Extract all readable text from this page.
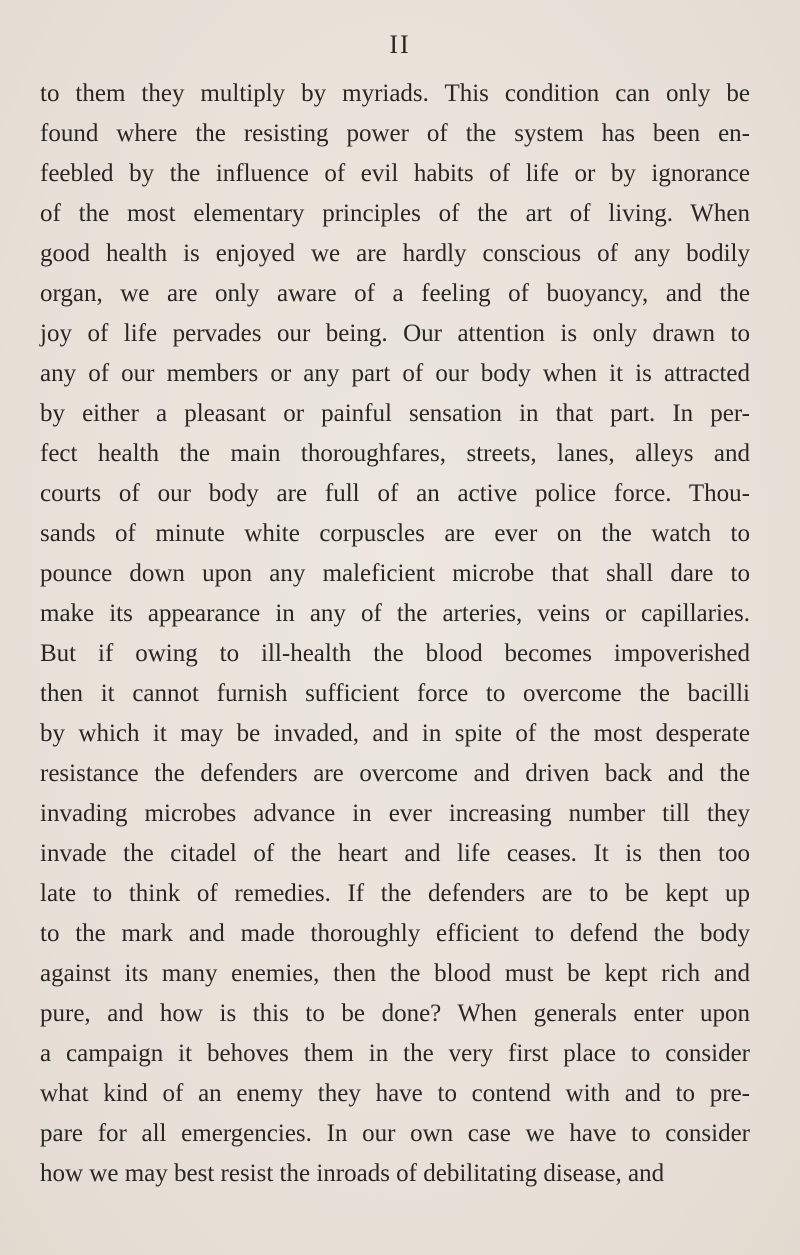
II
to them they multiply by myriads. This condition can only be
found where the resisting power of the system has been en-
feebled by the influence of evil habits of life or by ignorance
of the most elementary principles of the art of living. When
good health is enjoyed we are hardly conscious of any bodily
organ, we are only aware of a feeling of buoyancy, and the
joy of life pervades our being. Our attention is only drawn to
any of our members or any part of our body when it is attracted
by either a pleasant or painful sensation in that part. In per-
fect health the main thoroughfares, streets, lanes, alleys and
courts of our body are full of an active police force. Thou-
sands of minute white corpuscles are ever on the watch to
pounce down upon any maleficient microbe that shall dare to
make its appearance in any of the arteries, veins or capillaries.
But if owing to ill-health the blood becomes impoverished
then it cannot furnish sufficient force to overcome the bacilli
by which it may be invaded, and in spite of the most desperate
resistance the defenders are overcome and driven back and the
invading microbes advance in ever increasing number till they
invade the citadel of the heart and life ceases. It is then too
late to think of remedies. If the defenders are to be kept up
to the mark and made thoroughly efficient to defend the body
against its many enemies, then the blood must be kept rich and
pure, and how is this to be done? When generals enter upon
a campaign it behoves them in the very first place to consider
what kind of an enemy they have to contend with and to pre-
pare for all emergencies. In our own case we have to consider
how we may best resist the inroads of debilitating disease, and
